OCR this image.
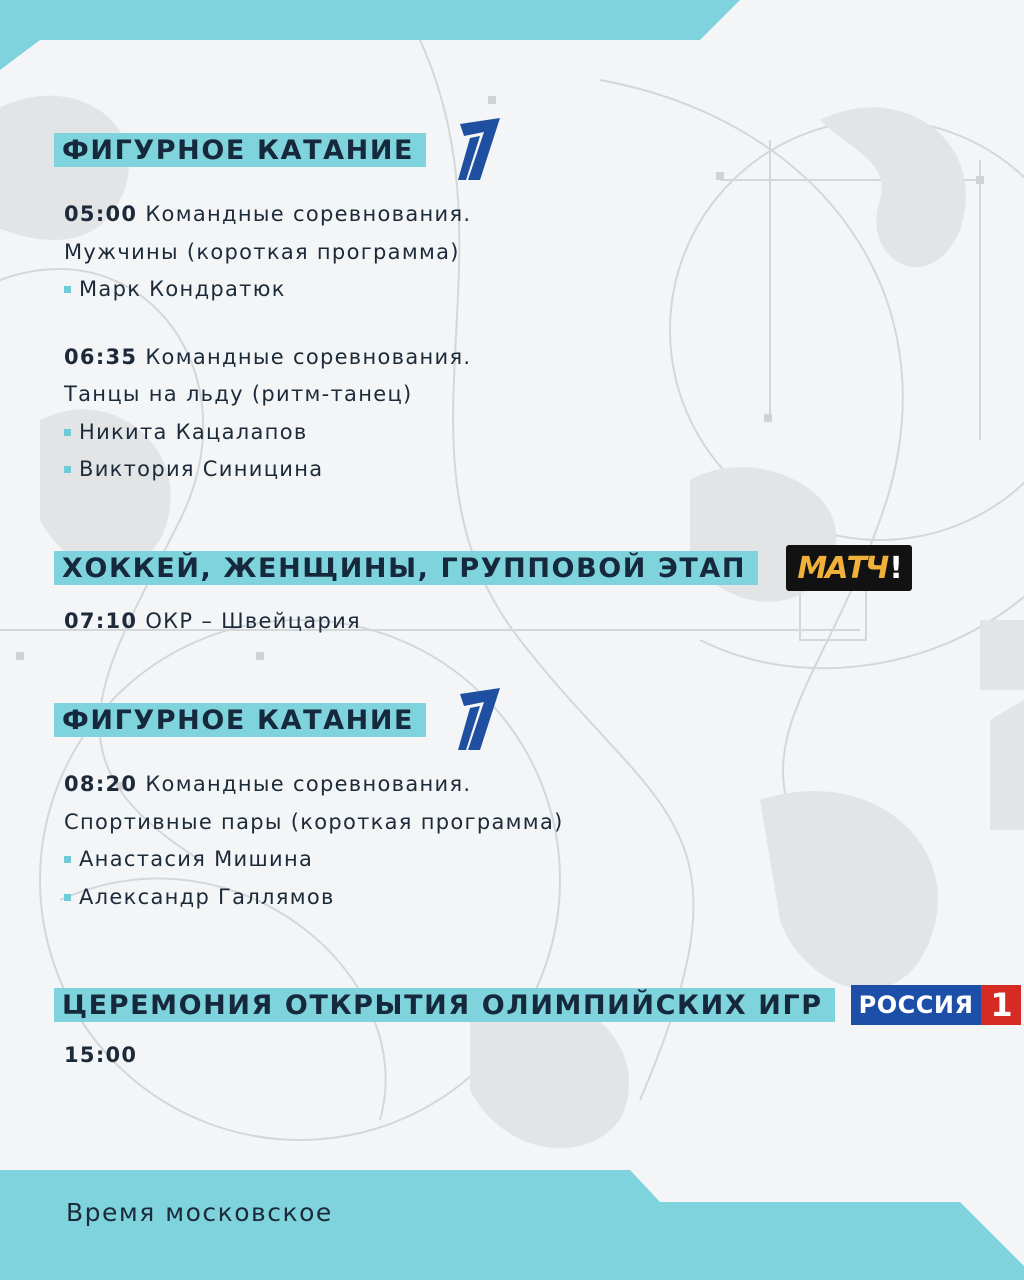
ФИГУРНОЕ КАТАНИЕ
05:00 Командные соревнования.
Мужчины (короткая программа)
Марк Кондратюк
06:35 Командные соревнования.
Танцы на льду (ритм-танец)
Никита Кацалапов
Виктория Синицина
ХОККЕЙ, ЖЕНЩИНЫ, ГРУППОВОЙ ЭТАП	МАТЧ !
07:10 ОКР – Швейцария
ФИГУРНОЕ КАТАНИЕ
08:20 Командные соревнования.
Спортивные пары (короткая программа)
Анастасия Мишина
Александр Галлямов
ЦЕРЕМОНИЯ ОТКРЫТИЯ ОЛИМПИЙСКИХ ИГР	РОССИЯ 1
15:00
Время московское
